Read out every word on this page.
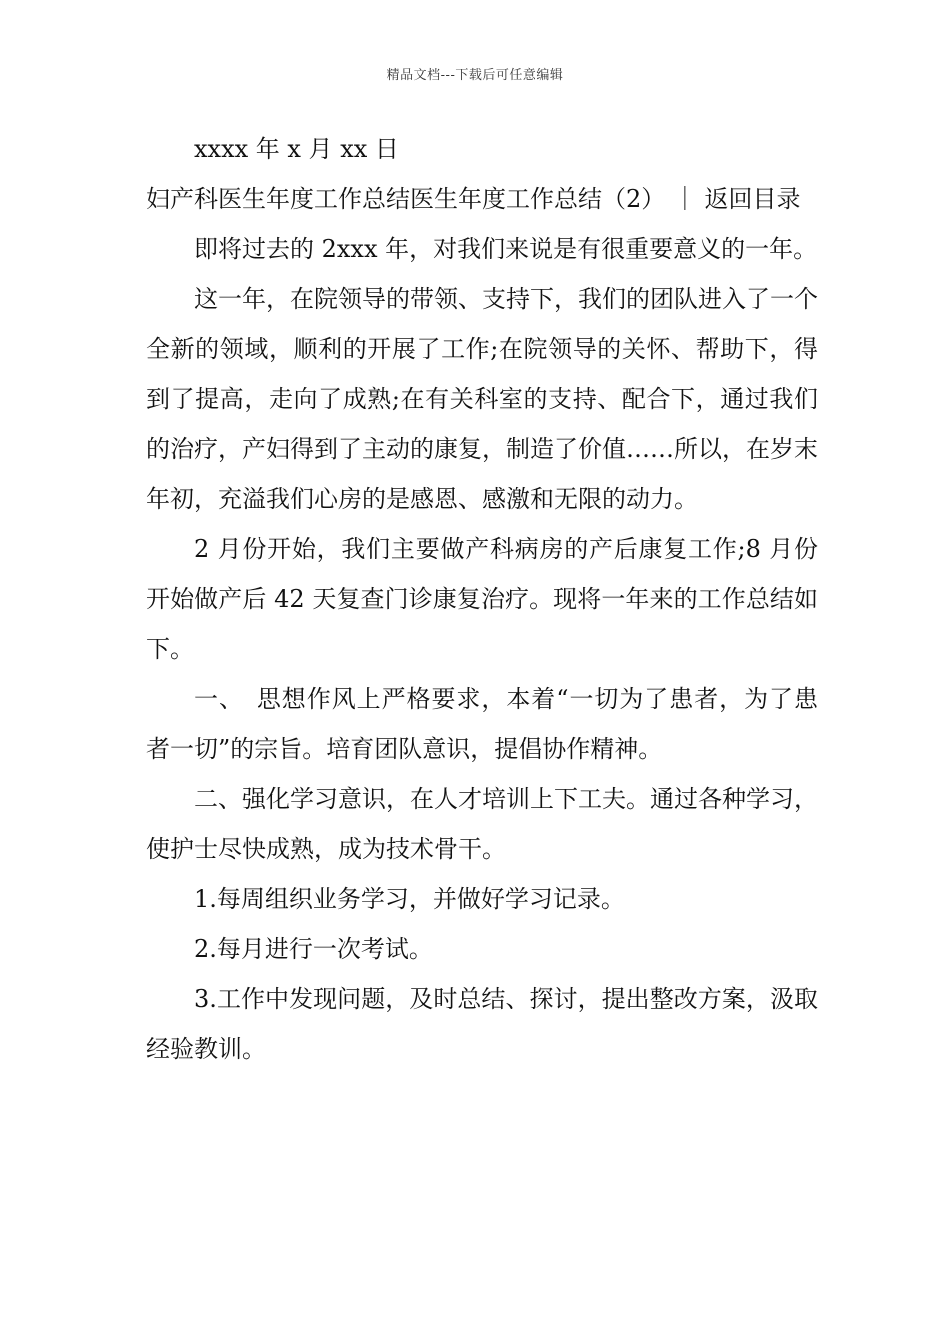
精品文档---下载后可任意编辑

xxxx 年 x 月 xx 日

妇产科医生年度工作总结医生年度工作总结（2） ｜ 返回目录

即将过去的 2xxx 年，对我们来说是有很重要意义的一年。

这一年，在院领导的带领、支持下，我们的团队进入了一个全新的领域，顺利的开展了工作;在院领导的关怀、帮助下，得到了提高，走向了成熟;在有关科室的支持、配合下，通过我们的治疗，产妇得到了主动的康复，制造了价值……所以，在岁末年初，充溢我们心房的是感恩、感激和无限的动力。

2 月份开始，我们主要做产科病房的产后康复工作;8 月份开始做产后 42 天复查门诊康复治疗。现将一年来的工作总结如下。

一、　思想作风上严格要求，本着“一切为了患者，为了患者一切”的宗旨。培育团队意识，提倡协作精神。

二、强化学习意识，在人才培训上下工夫。通过各种学习，使护士尽快成熟，成为技术骨干。

1.每周组织业务学习，并做好学习记录。

2.每月进行一次考试。

3.工作中发现问题，及时总结、探讨，提出整改方案，汲取经验教训。
